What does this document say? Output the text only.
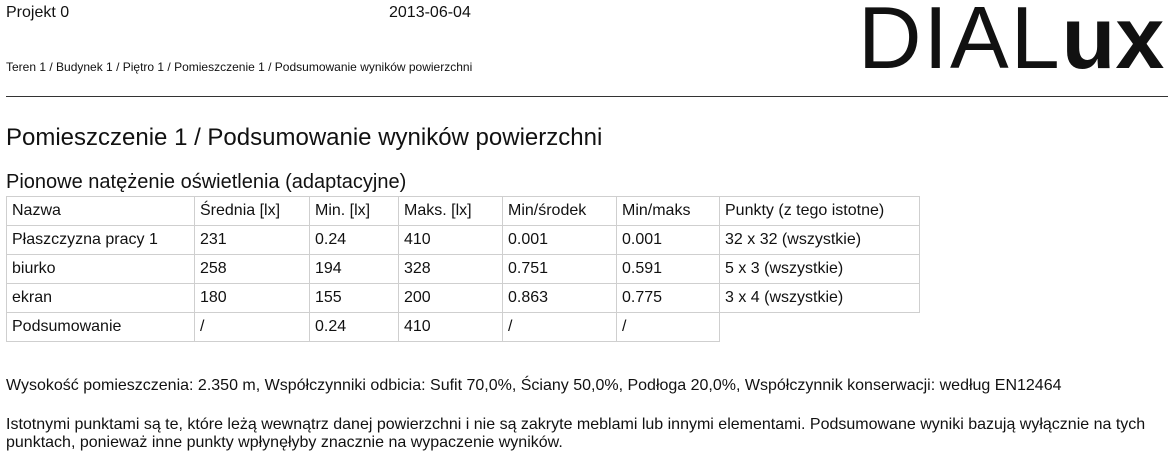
Projekt 0	2013-06-04
Teren 1 / Budynek 1 / Piętro 1 / Pomieszczenie 1 / Podsumowanie wyników powierzchni	DIALux
Pomieszczenie 1 / Podsumowanie wyników powierzchni
Pionowe natężenie oświetlenia (adaptacyjne)
Nazwa	Średnia [lx]	Min. [lx]	Maks. [lx]	Min/środek	Min/maks	Punkty (z tego istotne)
Płaszczyzna pracy 1	231	0.24	410	0.001	0.001	32 x 32 (wszystkie)
biurko	258	194	328	0.751	0.591	5 x 3 (wszystkie)
ekran	180	155	200	0.863	0.775	3 x 4 (wszystkie)
Podsumowanie	/	0.24	410	/	/	
Wysokość pomieszczenia: 2.350 m, Współczynniki odbicia: Sufit 70,0%, Ściany 50,0%, Podłoga 20,0%, Współczynnik konserwacji: według EN12464
Istotnymi punktami są te, które leżą wewnątrz danej powierzchni i nie są zakryte meblami lub innymi elementami. Podsumowane wyniki bazują wyłącznie na tych punktach, ponieważ inne punkty wpłynęłyby znacznie na wypaczenie wyników.
